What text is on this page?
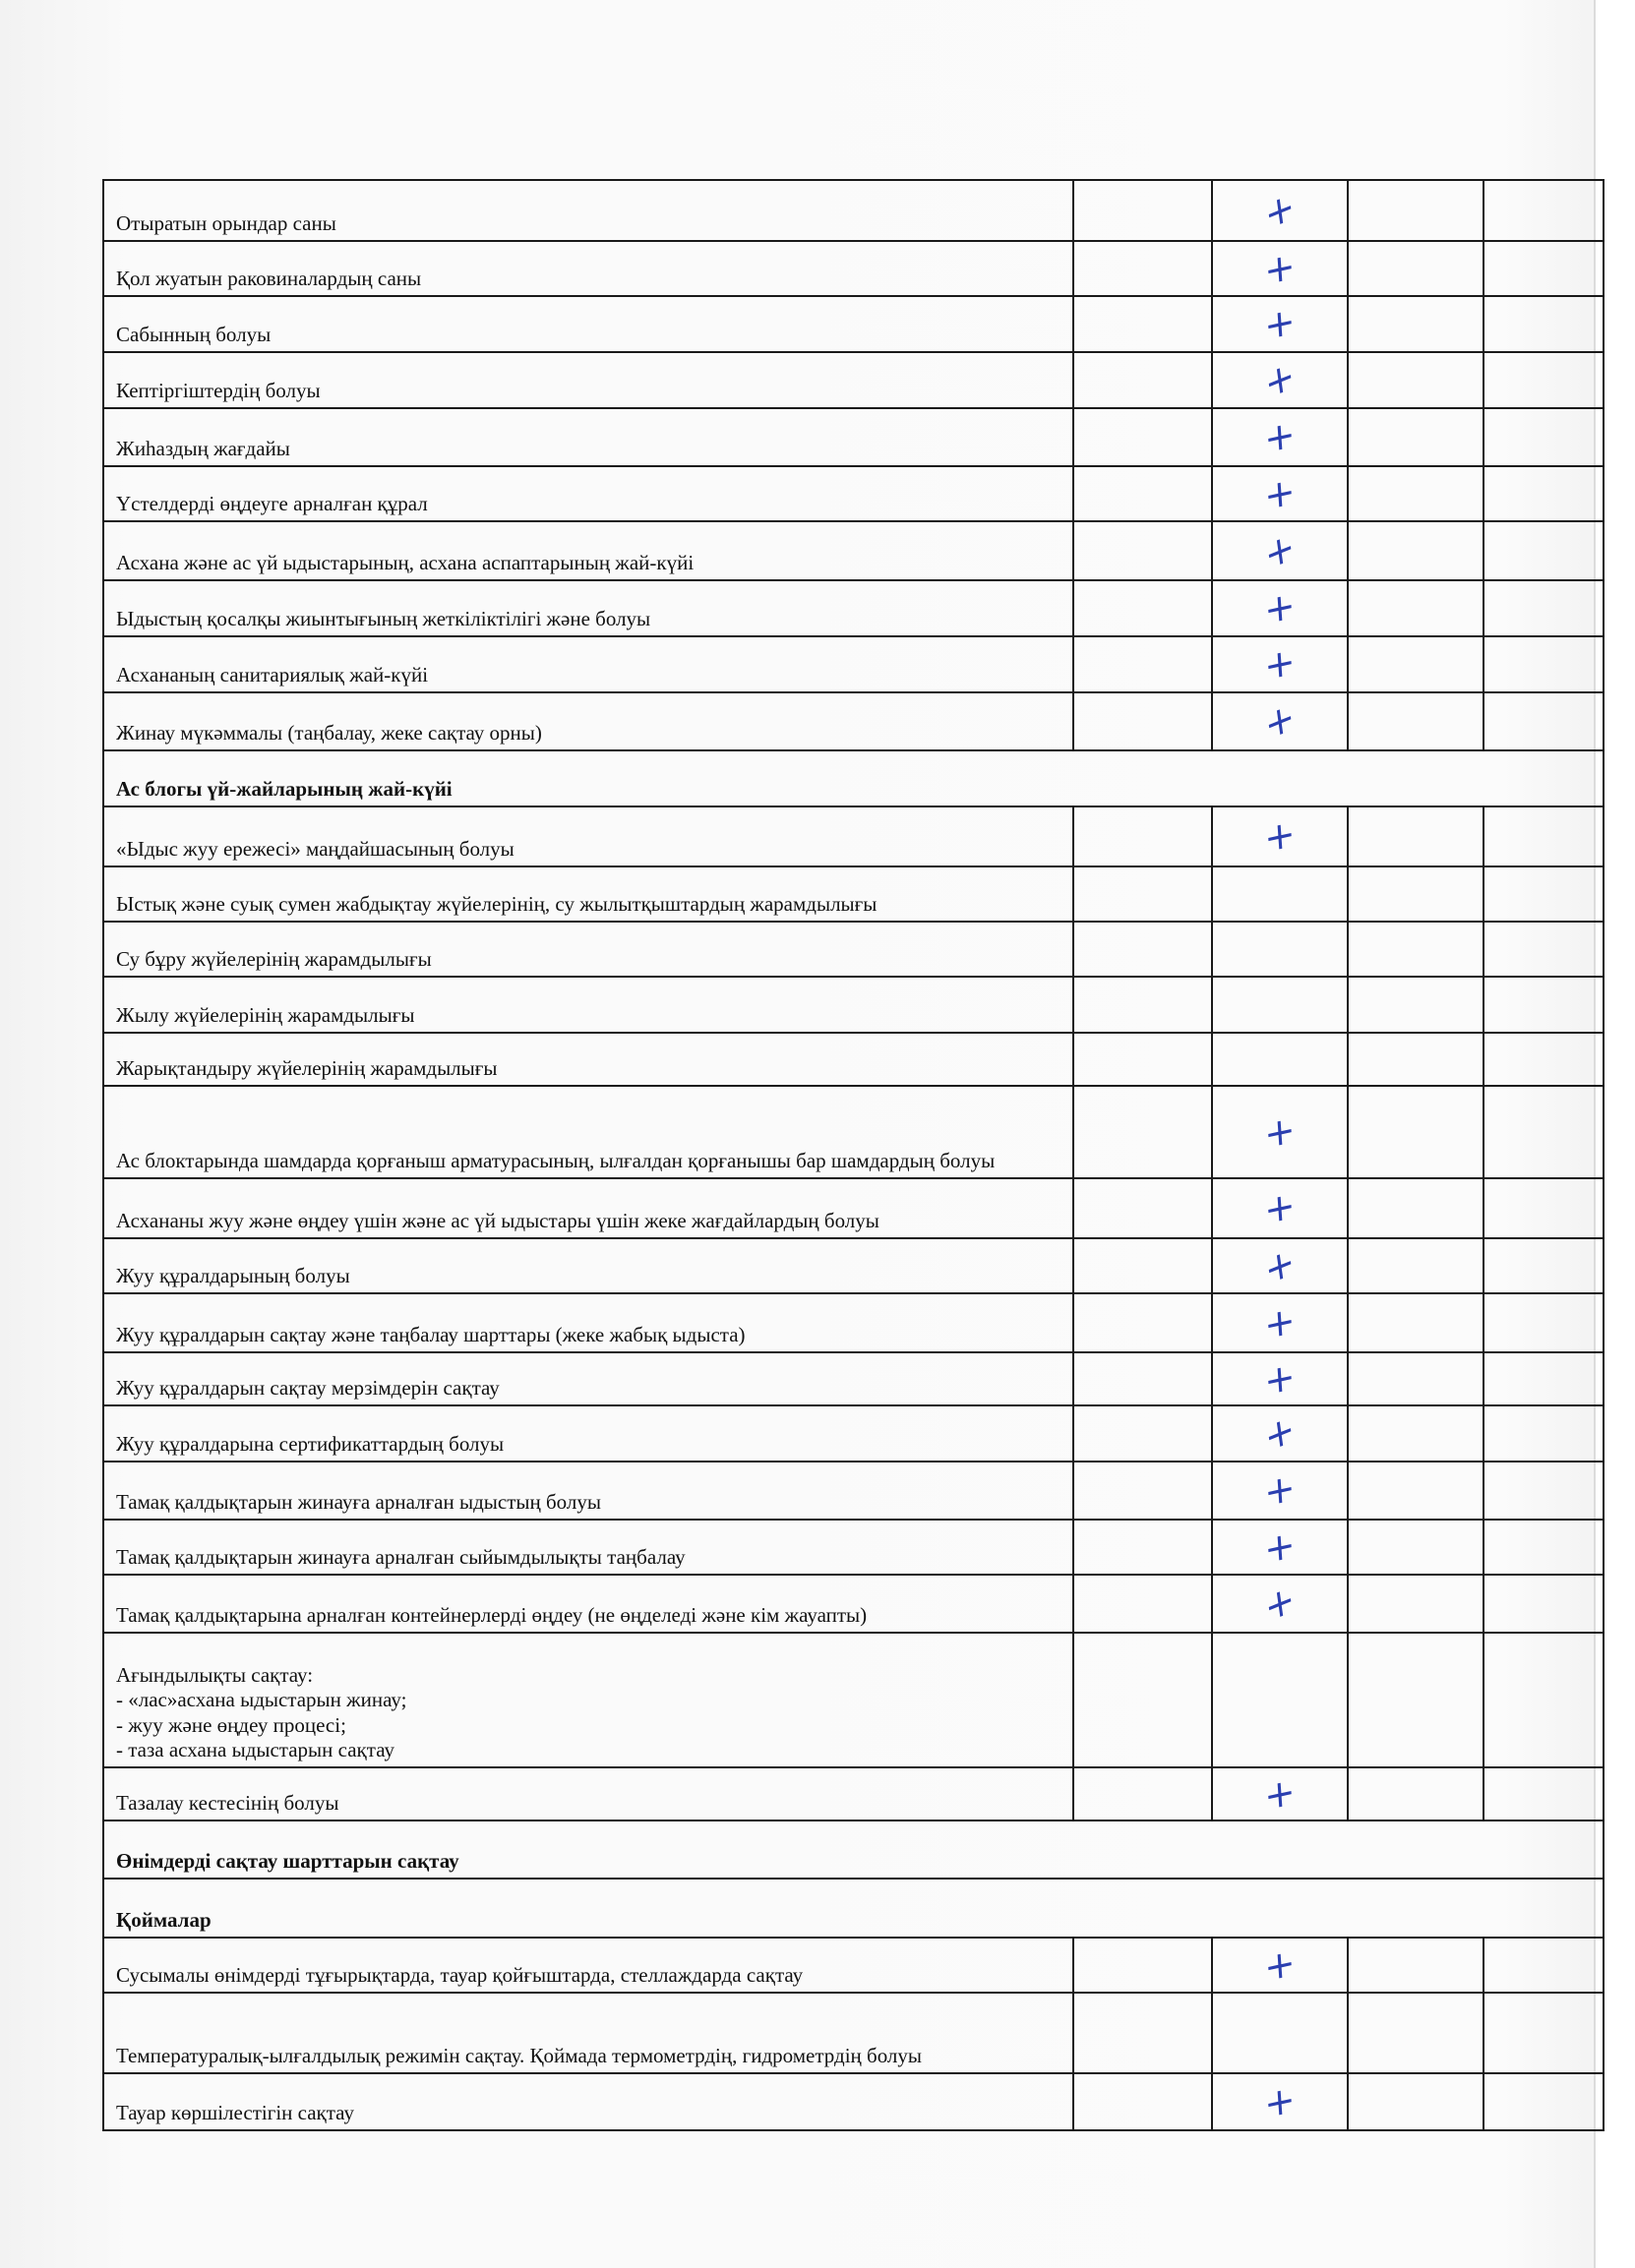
Отыратын орындар саны		+		
Қол жуатын раковиналардың саны		+		
Сабынның болуы		+		
Кептіргіштердің болуы		+		
Жиһаздың жағдайы		+		
Үстелдерді өңдеуге арналған құрал		+		
Асхана және ас үй ыдыстарының, асхана аспаптарының жай-күйі		+		
Ыдыстың қосалқы жиынтығының жеткіліктілігі және болуы		+		
Асхананың санитариялық жай-күйі		+		
Жинау мүкәммалы (таңбалау, жеке сақтау орны)		+		
Ас блогы үй-жайларының жай-күйі				
«Ыдыс жуу ережесі» маңдайшасының болуы		+		
Ыстық және суық сумен жабдықтау жүйелерінің, су жылытқыштардың жарамдылығы				
Су бұру жүйелерінің жарамдылығы				
Жылу жүйелерінің жарамдылығы				
Жарықтандыру жүйелерінің жарамдылығы				
Ас блоктарында шамдарда қорғаныш арматурасының, ылғалдан қорғанышы бар шамдардың болуы		+		
Асхананы жуу және өңдеу үшін және ас үй ыдыстары үшін жеке жағдайлардың болуы		+		
Жуу құралдарының болуы		+		
Жуу құралдарын сақтау және таңбалау шарттары (жеке жабық ыдыста)		+		
Жуу құралдарын сақтау мерзімдерін сақтау		+		
Жуу құралдарына сертификаттардың болуы		+		
Тамақ қалдықтарын жинауға арналған ыдыстың болуы		+		
Тамақ қалдықтарын жинауға арналған сыйымдылықты таңбалау		+		
Тамақ қалдықтарына арналған контейнерлерді өңдеу (не өңделеді және кім жауапты)		+		

Ағындылықты сақтау:
- «лас»асхана ыдыстарын жинау;
- жуу және өңдеу процесі;
- таза асхана ыдыстарын сақтау				

Тазалау кестесінің болуы		+		
Өнімдерді сақтау шарттарын сақтау				
Қоймалар				
Сусымалы өнімдерді тұғырықтарда, тауар қойғыштарда, стеллаждарда сақтау		+		
Температуралық-ылғалдылық режимін сақтау. Қоймада термометрдің, гидрометрдің болуы				
Тауар көршілестігін сақтау		+		
